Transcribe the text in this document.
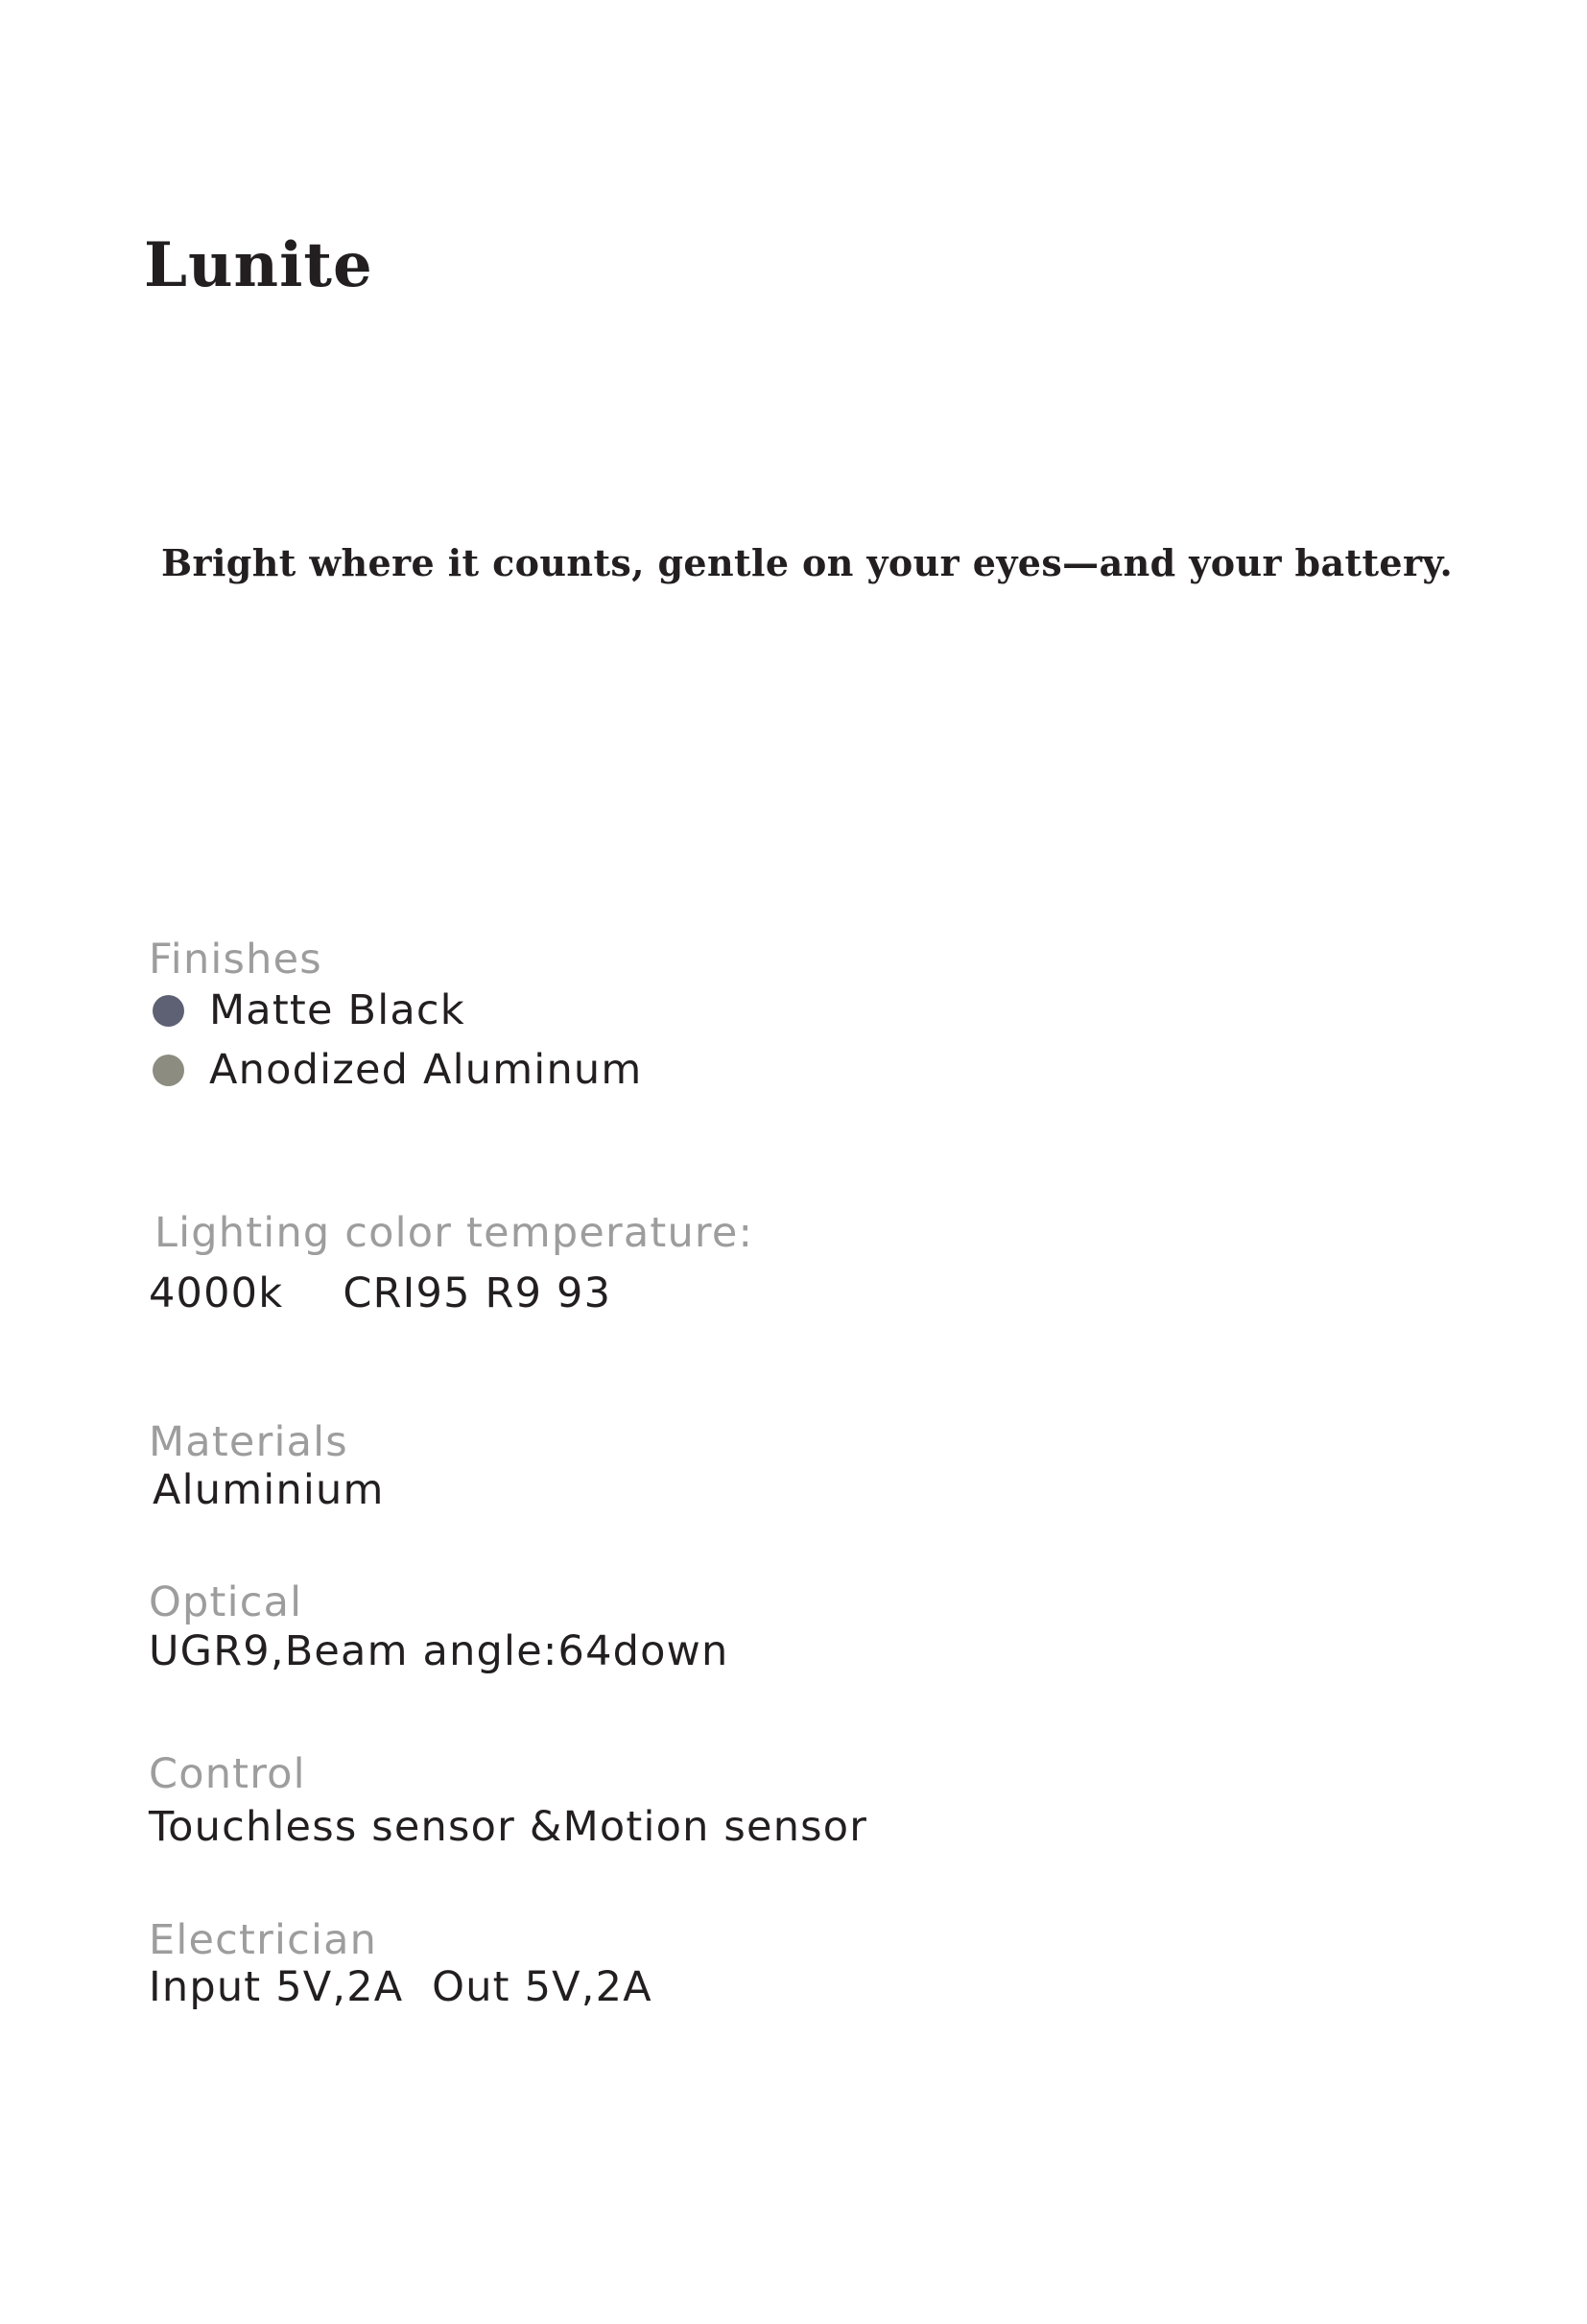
Lunite

Bright where it counts, gentle on your eyes—and your battery.

Finishes
Matte Black
Anodized Aluminum
Lighting color temperature:
4000k CRI95 R9 93
Materials
Aluminium
Optical
UGR9,Beam angle:64down
Control
Touchless sensor &Motion sensor
Electrician
Input 5V,2A  Out 5V,2A
